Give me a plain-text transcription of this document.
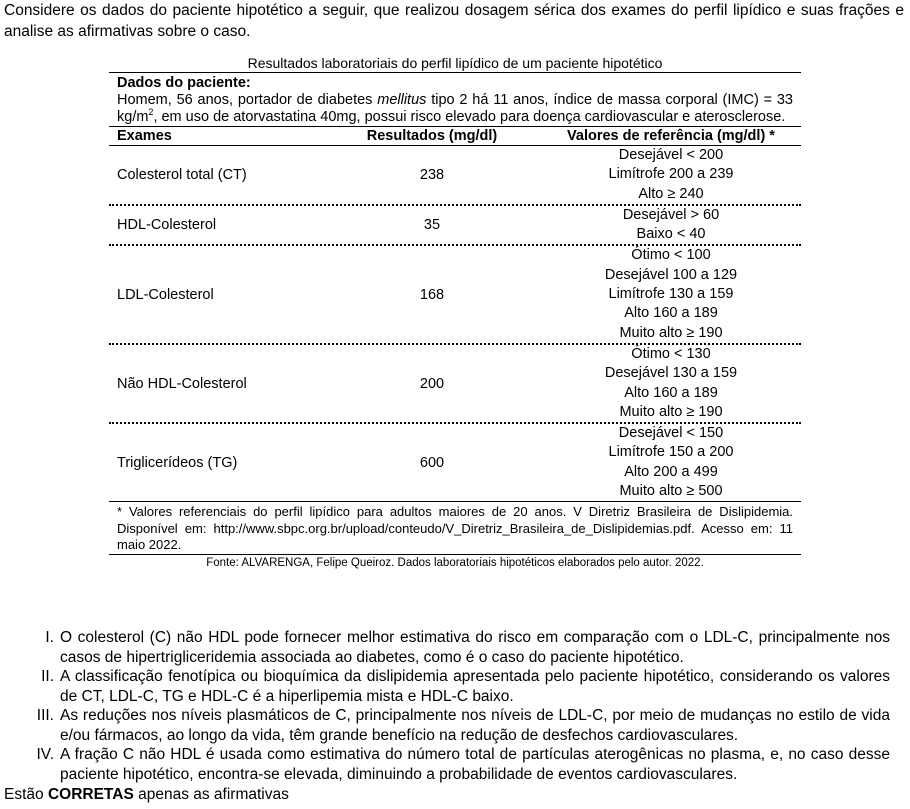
Considere os dados do paciente hipotético a seguir, que realizou dosagem sérica dos exames do perfil lipídico e suas frações e analise as afirmativas sobre o caso.
Resultados laboratoriais do perfil lipídico de um paciente hipotético
Dados do paciente:
Homem, 56 anos, portador de diabetes mellitus tipo 2 há 11 anos, índice de massa corporal (IMC) = 33 $kg/m^2$, em uso de atorvastatina 40mg, possui risco elevado para doença cardiovascular e aterosclerose.
Exames	Resultados (mg/dl)	Valores de referência (mg/dl) *
Colesterol total (CT)	238
Desejável < 200
Limítrofe 200 a 239
Alto ≥ 240
HDL-Colesterol	35
Desejável > 60
Baixo < 40
LDL-Colesterol	168
Ótimo < 100
Desejável 100 a 129
Limítrofe 130 a 159
Alto 160 a 189
Muito alto ≥ 190
Não HDL-Colesterol	200
Ótimo < 130
Desejável 130 a 159
Alto 160 a 189
Muito alto ≥ 190
Triglicerídeos (TG)	600
Desejável < 150
Limítrofe 150 a 200
Alto 200 a 499
Muito alto ≥ 500
* Valores referenciais do perfil lipídico para adultos maiores de 20 anos. V Diretriz Brasileira de Dislipidemia. Disponível em: http://www.sbpc.org.br/upload/conteudo/V_Diretriz_Brasileira_de_Dislipidemias.pdf. Acesso em: 11 maio 2022.
Fonte: ALVARENGA, Felipe Queiroz. Dados laboratoriais hipotéticos elaborados pelo autor. 2022.
I. O colesterol (C) não HDL pode fornecer melhor estimativa do risco em comparação com o LDL-C, principalmente nos casos de hipertrigliceridemia associada ao diabetes, como é o caso do paciente hipotético.
II. A classificação fenotípica ou bioquímica da dislipidemia apresentada pelo paciente hipotético, considerando os valores de CT, LDL-C, TG e HDL-C é a hiperlipemia mista e HDL-C baixo.
III. As reduções nos níveis plasmáticos de C, principalmente nos níveis de LDL-C, por meio de mudanças no estilo de vida e/ou fármacos, ao longo da vida, têm grande benefício na redução de desfechos cardiovasculares.
IV. A fração C não HDL é usada como estimativa do número total de partículas aterogênicas no plasma, e, no caso desse paciente hipotético, encontra-se elevada, diminuindo a probabilidade de eventos cardiovasculares.
Estão CORRETAS apenas as afirmativas
